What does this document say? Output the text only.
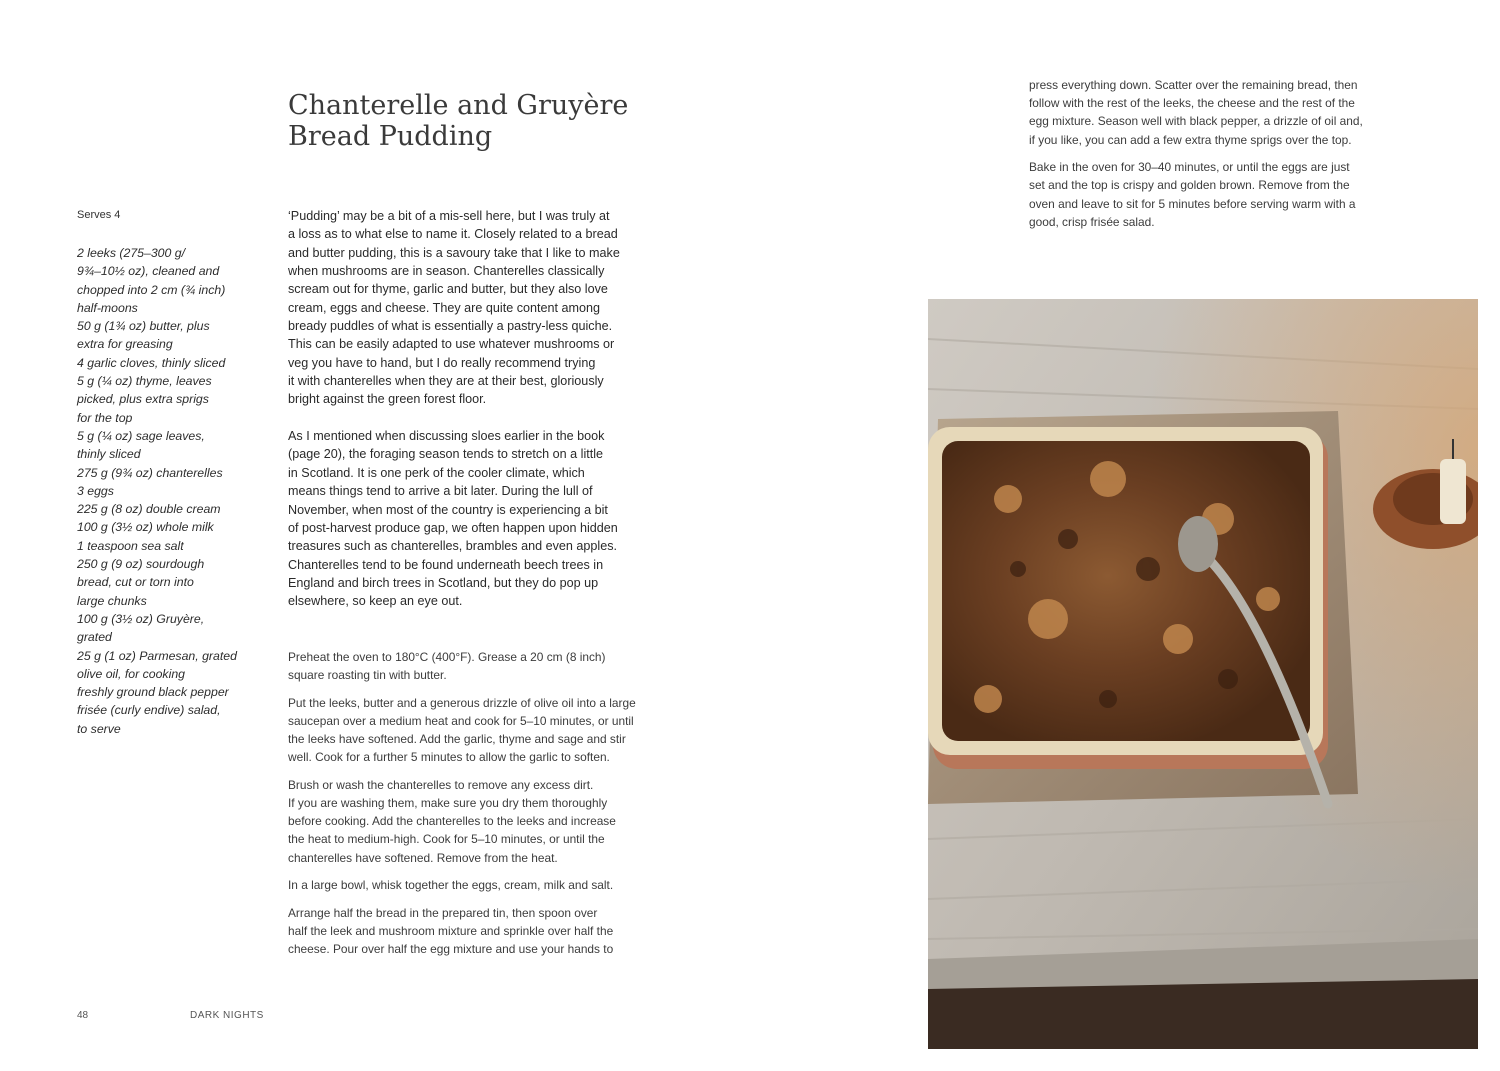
Chanterelle and Gruyère
Bread Pudding
Serves 4
2 leeks (275–300 g/
9¾–10½ oz), cleaned and
chopped into 2 cm (¾ inch)
half-moons
50 g (1¾ oz) butter, plus
extra for greasing
4 garlic cloves, thinly sliced
5 g (¼ oz) thyme, leaves
picked, plus extra sprigs
for the top
5 g (¼ oz) sage leaves,
thinly sliced
275 g (9¾ oz) chanterelles
3 eggs
225 g (8 oz) double cream
100 g (3½ oz) whole milk
1 teaspoon sea salt
250 g (9 oz) sourdough
bread, cut or torn into
large chunks
100 g (3½ oz) Gruyère,
grated
25 g (1 oz) Parmesan, grated
olive oil, for cooking
freshly ground black pepper
frisée (curly endive) salad,
to serve

‘Pudding’ may be a bit of a mis-sell here, but I was truly at
a loss as to what else to name it. Closely related to a bread
and butter pudding, this is a savoury take that I like to make
when mushrooms are in season. Chanterelles classically
scream out for thyme, garlic and butter, but they also love
cream, eggs and cheese. They are quite content among
bready puddles of what is essentially a pastry-less quiche.
This can be easily adapted to use whatever mushrooms or
veg you have to hand, but I do really recommend trying
it with chanterelles when they are at their best, gloriously
bright against the green forest floor.

As I mentioned when discussing sloes earlier in the book
(page 20), the foraging season tends to stretch on a little
in Scotland. It is one perk of the cooler climate, which
means things tend to arrive a bit later. During the lull of
November, when most of the country is experiencing a bit
of post-harvest produce gap, we often happen upon hidden
treasures such as chanterelles, brambles and even apples.
Chanterelles tend to be found underneath beech trees in
England and birch trees in Scotland, but they do pop up
elsewhere, so keep an eye out.

Preheat the oven to 180°C (400°F). Grease a 20 cm (8 inch)
square roasting tin with butter.

Put the leeks, butter and a generous drizzle of olive oil into a large
saucepan over a medium heat and cook for 5–10 minutes, or until
the leeks have softened. Add the garlic, thyme and sage and stir
well. Cook for a further 5 minutes to allow the garlic to soften.

Brush or wash the chanterelles to remove any excess dirt.
If you are washing them, make sure you dry them thoroughly
before cooking. Add the chanterelles to the leeks and increase
the heat to medium-high. Cook for 5–10 minutes, or until the
chanterelles have softened. Remove from the heat.

In a large bowl, whisk together the eggs, cream, milk and salt.

Arrange half the bread in the prepared tin, then spoon over
half the leek and mushroom mixture and sprinkle over half the
cheese. Pour over half the egg mixture and use your hands to

press everything down. Scatter over the remaining bread, then
follow with the rest of the leeks, the cheese and the rest of the
egg mixture. Season well with black pepper, a drizzle of oil and,
if you like, you can add a few extra thyme sprigs over the top.

Bake in the oven for 30–40 minutes, or until the eggs are just
set and the top is crispy and golden brown. Remove from the
oven and leave to sit for 5 minutes before serving warm with a
good, crisp frisée salad.

48	DARK NIGHTS
